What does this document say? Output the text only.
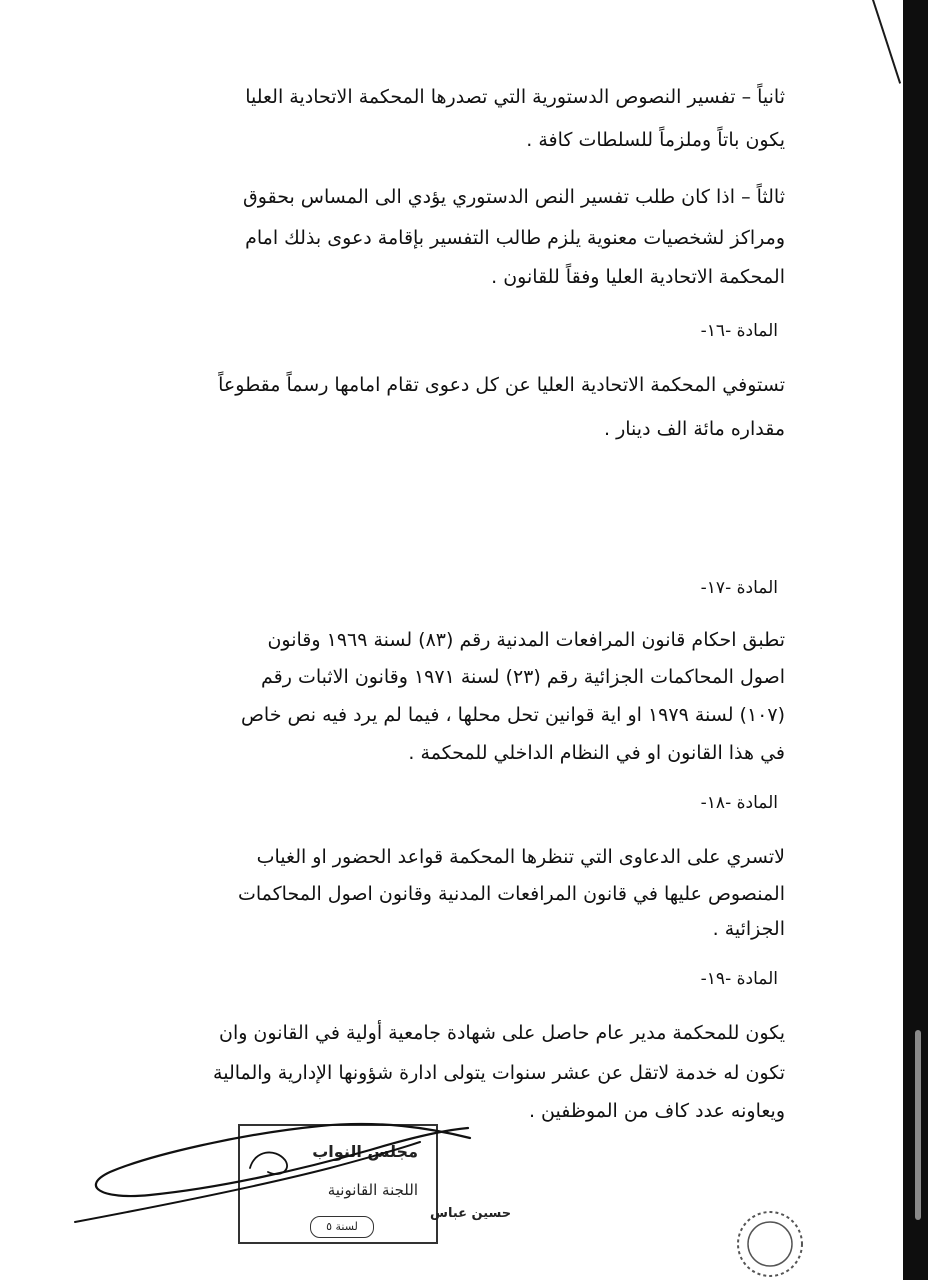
ثانياً – تفسير النصوص الدستورية التي تصدرها المحكمة الاتحادية العليا

يكون باتاً وملزماً للسلطات كافة .

ثالثاً – اذا كان طلب تفسير النص الدستوري يؤدي الى المساس بحقوق

ومراكز لشخصيات معنوية يلزم طالب التفسير بإقامة دعوى بذلك امام

المحكمة الاتحادية العليا وفقاً للقانون .

المادة -١٦-

تستوفي المحكمة الاتحادية العليا عن كل دعوى تقام امامها رسماً مقطوعاً

مقداره مائة الف دينار .

المادة -١٧-

تطبق احكام قانون المرافعات المدنية رقم (٨٣) لسنة ١٩٦٩ وقانون

اصول المحاكمات الجزائية رقم (٢٣) لسنة ١٩٧١ وقانون الاثبات رقم

(١٠٧) لسنة ١٩٧٩ او اية قوانين تحل محلها ، فيما لم يرد فيه نص خاص

في هذا القانون او في النظام الداخلي للمحكمة .

المادة -١٨-

لاتسري على الدعاوى التي تنظرها المحكمة قواعد الحضور او الغياب

المنصوص عليها في قانون المرافعات المدنية وقانون اصول المحاكمات

الجزائية .

المادة -١٩-

يكون للمحكمة مدير عام حاصل على شهادة جامعية أولية في القانون وان

تكون له خدمة لاتقل عن عشر سنوات يتولى ادارة شؤونها الإدارية والمالية

ويعاونه عدد كاف من الموظفين .

مجلس النواب
اللجنة القانونية
لسنة ٥
حسين عباس
